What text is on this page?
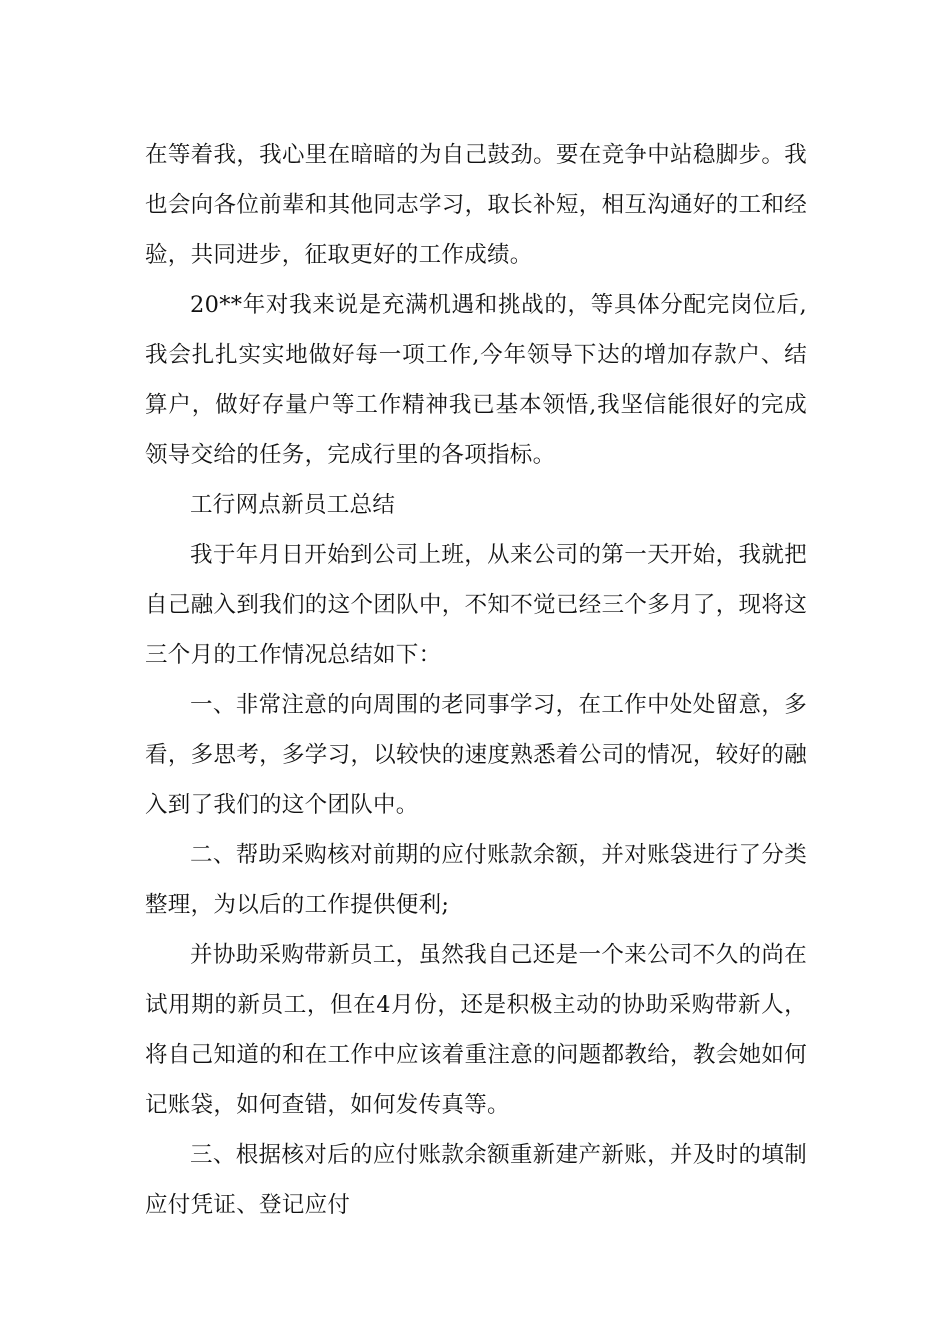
在等着我，我心里在暗暗的为自己鼓劲。要在竞争中站稳脚步。我也会向各位前辈和其他同志学习，取长补短，相互沟通好的工和经验，共同进步，征取更好的工作成绩。

20**年对我来说是充满机遇和挑战的，等具体分配完岗位后,我会扎扎实实地做好每一项工作,今年领导下达的增加存款户、结算户，做好存量户等工作精神我已基本领悟,我坚信能很好的完成领导交给的任务，完成行里的各项指标。

工行网点新员工总结

我于年月日开始到公司上班，从来公司的第一天开始，我就把自己融入到我们的这个团队中，不知不觉已经三个多月了，现将这三个月的工作情况总结如下：

一、非常注意的向周围的老同事学习，在工作中处处留意，多看，多思考，多学习，以较快的速度熟悉着公司的情况，较好的融入到了我们的这个团队中。

二、帮助采购核对前期的应付账款余额，并对账袋进行了分类整理，为以后的工作提供便利;

并协助采购带新员工，虽然我自己还是一个来公司不久的尚在试用期的新员工，但在4月份，还是积极主动的协助采购带新人，将自己知道的和在工作中应该着重注意的问题都教给，教会她如何记账袋，如何查错，如何发传真等。

三、根据核对后的应付账款余额重新建产新账，并及时的填制应付凭证、登记应付
